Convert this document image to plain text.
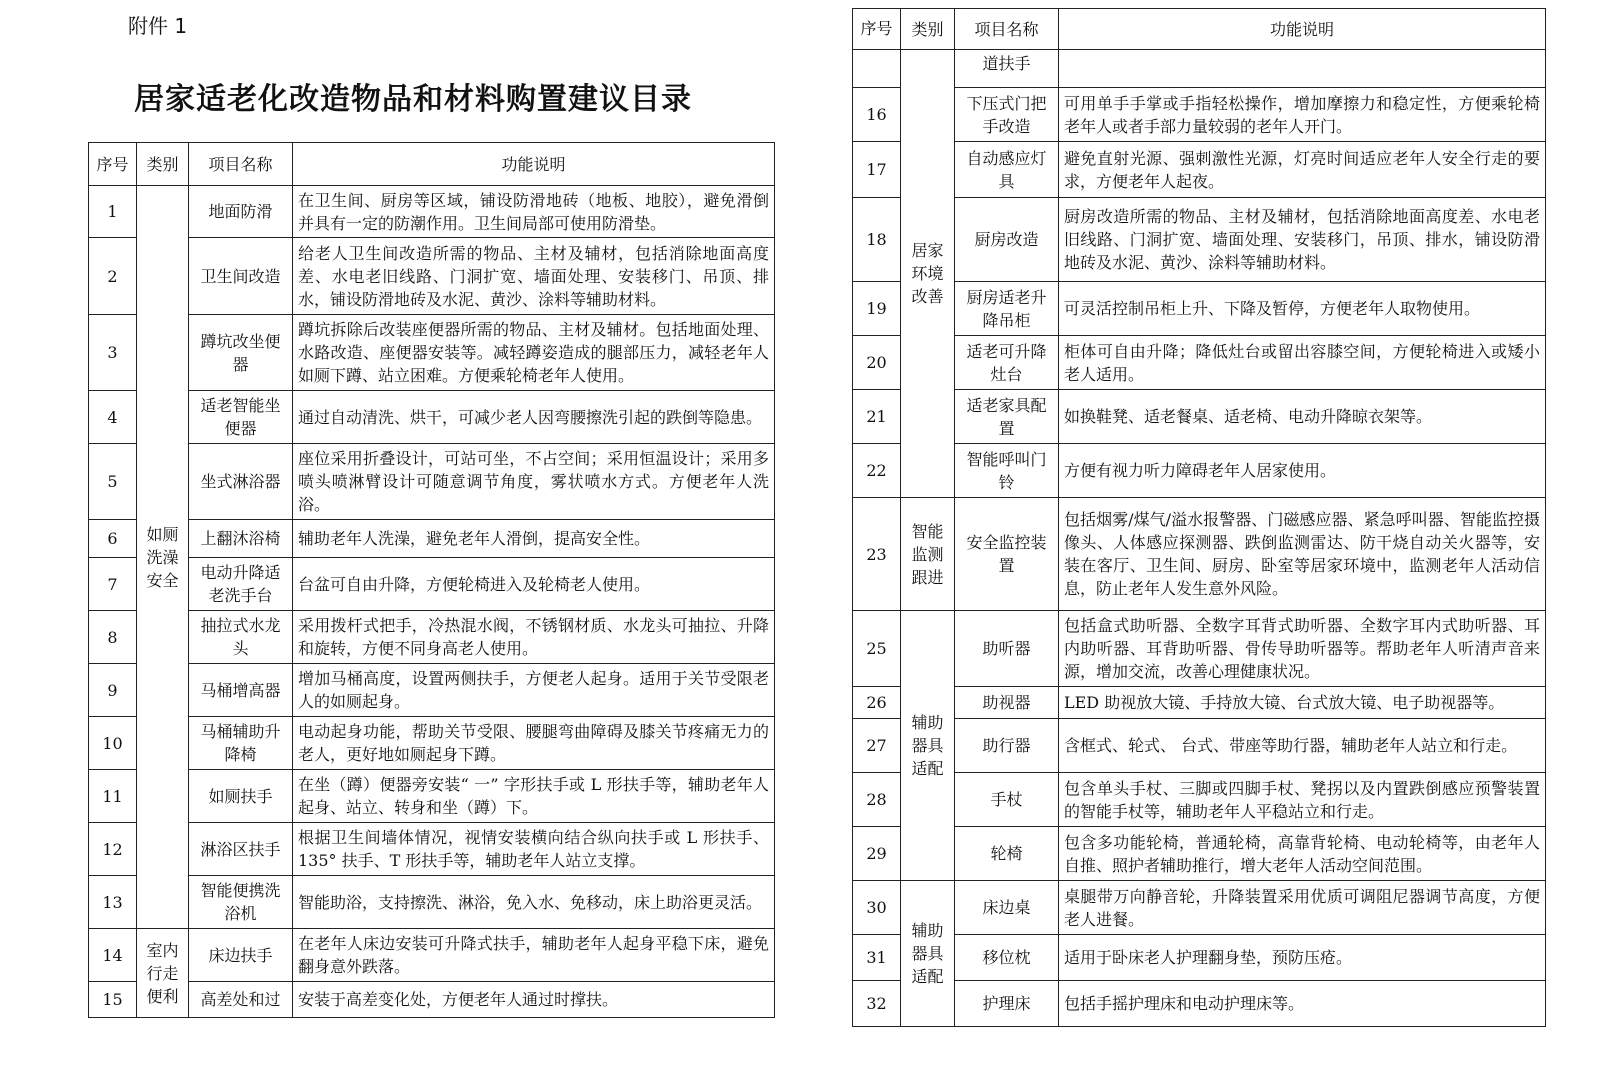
附件 1
居家适老化改造物品和材料购置建议目录
序号	类别	项目名称	功能说明
1	如厕洗澡安全	地面防滑	在卫生间、厨房等区域，铺设防滑地砖（地板、地胶），避免滑倒并具有一定的防潮作用。卫生间局部可使用防滑垫。
2		卫生间改造	给老人卫生间改造所需的物品、主材及辅材，包括消除地面高度差、水电老旧线路、门洞扩宽、墙面处理、安装移门、吊顶、排水，铺设防滑地砖及水泥、黄沙、涂料等辅助材料。
3		蹲坑改坐便器	蹲坑拆除后改装座便器所需的物品、主材及辅材。包括地面处理、水路改造、座便器安装等。减轻蹲姿造成的腿部压力，减轻老年人如厕下蹲、站立困难。方便乘轮椅老年人使用。
4		适老智能坐便器	通过自动清洗、烘干，可减少老人因弯腰擦洗引起的跌倒等隐患。
5		坐式淋浴器	座位采用折叠设计，可站可坐，不占空间；采用恒温设计；采用多喷头喷淋臂设计可随意调节角度，雾状喷水方式。方便老年人洗浴。
6		上翻沐浴椅	辅助老年人洗澡，避免老年人滑倒，提高安全性。
7		电动升降适老洗手台	台盆可自由升降，方便轮椅进入及轮椅老人使用。
8		抽拉式水龙头	采用拨杆式把手，冷热混水阀，不锈钢材质、水龙头可抽拉、升降和旋转，方便不同身高老人使用。
9		马桶增高器	增加马桶高度，设置两侧扶手，方便老人起身。适用于关节受限老人的如厕起身。
10		马桶辅助升降椅	电动起身功能，帮助关节受限、腰腿弯曲障碍及膝关节疼痛无力的老人，更好地如厕起身下蹲。
11		如厕扶手	在坐（蹲）便器旁安装“ 一” 字形扶手或 L 形扶手等，辅助老年人起身、站立、转身和坐（蹲）下。
12		淋浴区扶手	根据卫生间墙体情况，视情安装横向结合纵向扶手或 L 形扶手、135° 扶手、T 形扶手等，辅助老年人站立支撑。
13		智能便携洗浴机	智能助浴，支持擦洗、淋浴，免入水、免移动，床上助浴更灵活。
14	室内行走便利	床边扶手	在老年人床边安装可升降式扶手，辅助老年人起身平稳下床，避免翻身意外跌落。
15		高差处和过	安装于高差变化处，方便老年人通过时撑扶。
序号	类别	项目名称	功能说明
	居家环境改善	道扶手	
16		下压式门把手改造	可用单手手掌或手指轻松操作，增加摩擦力和稳定性，方便乘轮椅老年人或者手部力量较弱的老年人开门。
17		自动感应灯具	避免直射光源、强刺激性光源，灯亮时间适应老年人安全行走的要求，方便老年人起夜。
18		厨房改造	厨房改造所需的物品、主材及辅材，包括消除地面高度差、水电老旧线路、门洞扩宽、墙面处理、安装移门，吊顶、排水，铺设防滑地砖及水泥、黄沙、涂料等辅助材料。
19		厨房适老升降吊柜	可灵活控制吊柜上升、下降及暂停，方便老年人取物使用。
20		适老可升降灶台	柜体可自由升降；降低灶台或留出容膝空间，方便轮椅进入或矮小老人适用。
21		适老家具配置	如换鞋凳、适老餐桌、适老椅、电动升降晾衣架等。
22		智能呼叫门铃	方便有视力听力障碍老年人居家使用。
23	智能监测跟进	安全监控装置	包括烟雾/煤气/溢水报警器、门磁感应器、紧急呼叫器、智能监控摄像头、人体感应探测器、跌倒监测雷达、防干烧自动关火器等，安装在客厅、卫生间、厨房、卧室等居家环境中，监测老年人活动信息，防止老年人发生意外风险。
25	辅助器具适配	助听器	包括盒式助听器、全数字耳背式助听器、全数字耳内式助听器、耳内助听器、耳背助听器、骨传导助听器等。帮助老年人听清声音来源，增加交流，改善心理健康状况。
26		助视器	LED 助视放大镜、手持放大镜、台式放大镜、电子助视器等。
27		助行器	含框式、轮式、 台式、带座等助行器，辅助老年人站立和行走。
28		手杖	包含单头手杖、三脚或四脚手杖、凳拐以及内置跌倒感应预警装置的智能手杖等，辅助老年人平稳站立和行走。
29		轮椅	包含多功能轮椅，普通轮椅，高靠背轮椅、电动轮椅等，由老年人自推、照护者辅助推行，增大老年人活动空间范围。
30	辅助器具适配	床边桌	桌腿带万向静音轮，升降装置采用优质可调阻尼器调节高度，方便老人进餐。
31		移位枕	适用于卧床老人护理翻身垫，预防压疮。
32		护理床	包括手摇护理床和电动护理床等。
